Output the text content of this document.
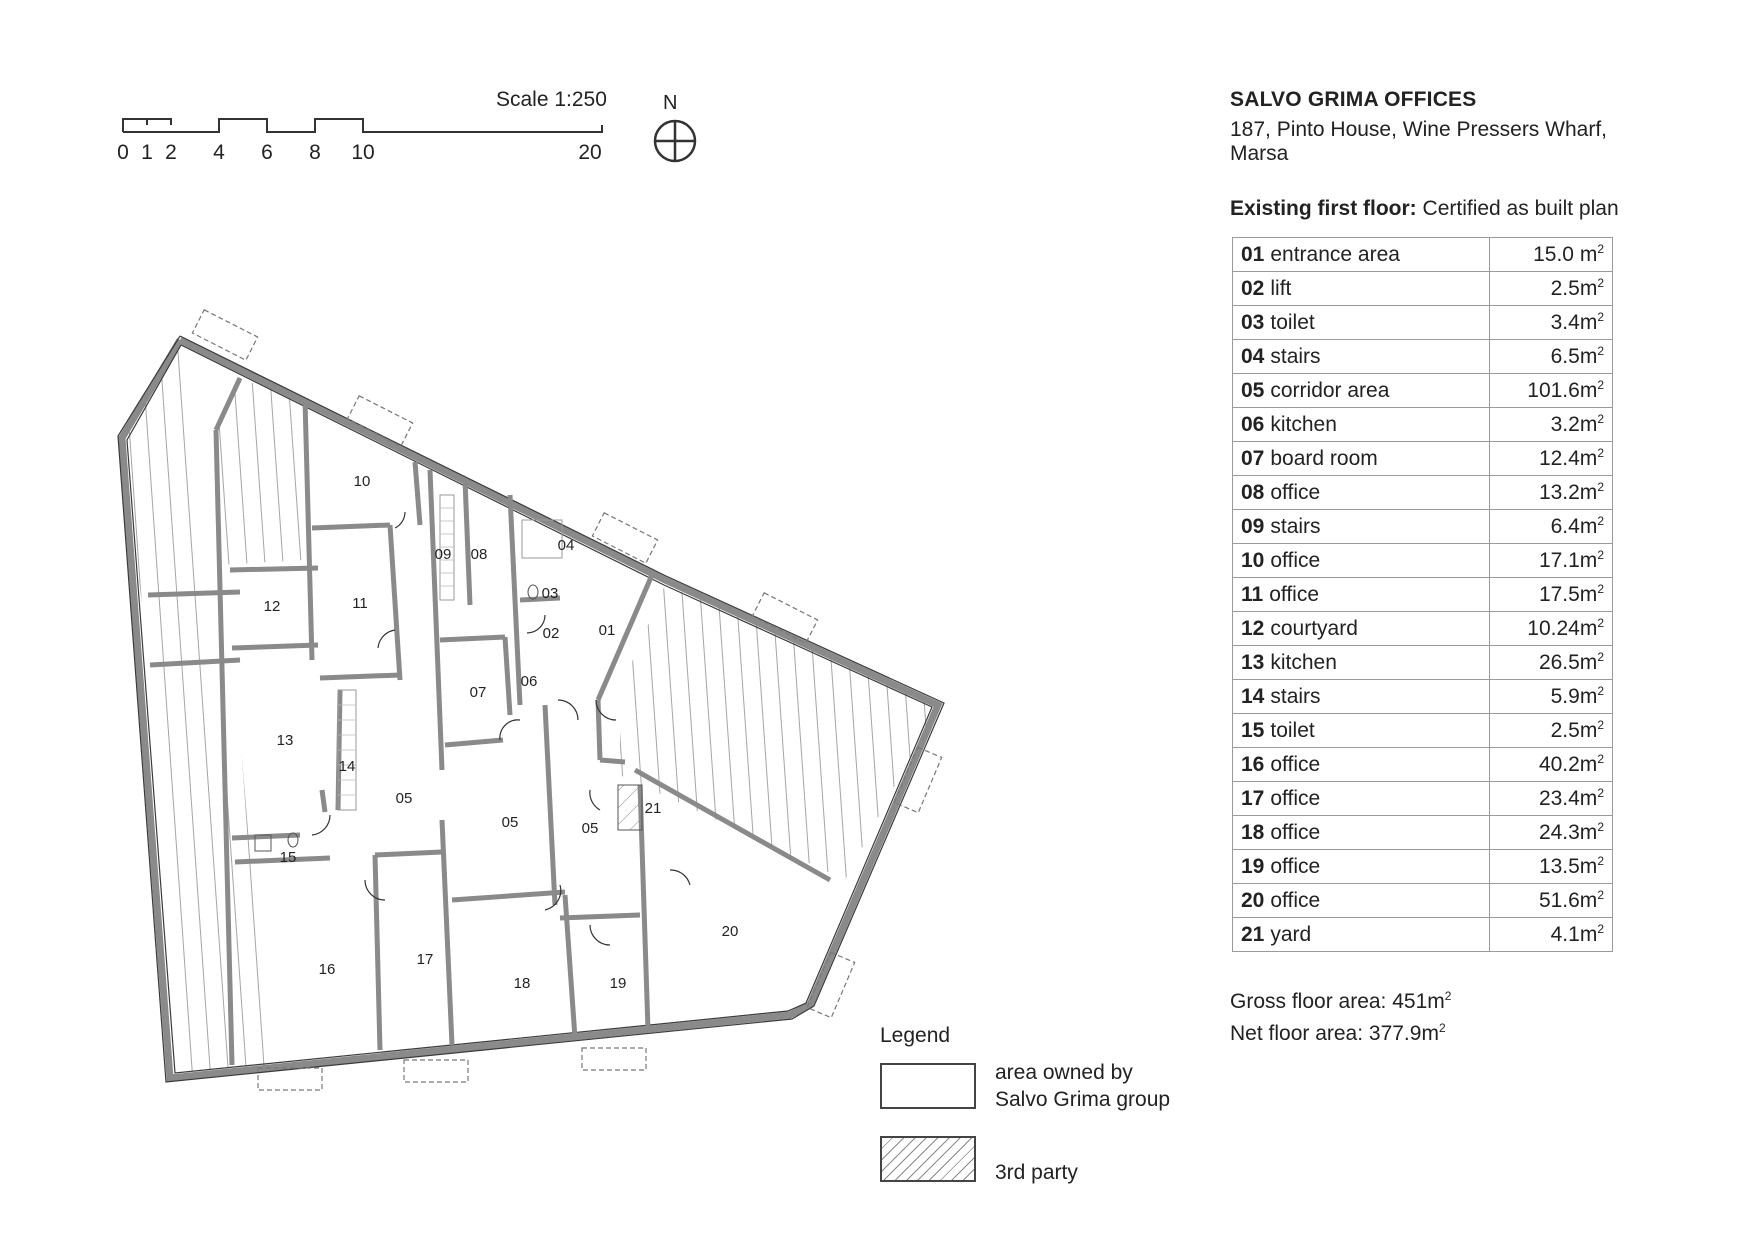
Scale 1:250
0 1 2 4 6 8 10	20
N
10
12	11
09 08
04
03
02	01
06
07
13
14
05
05	05
21
15
16
17
18	19
20
SALVO GRIMA OFFICES
187, Pinto House, Wine Pressers Wharf, Marsa
Existing first floor: Certified as built plan
01 entrance area	15.0 $m^2$
02 lift	$2.5m^2$
03 toilet	$3.4m^2$
04 stairs	$6.5m^2$
05 corridor area	$101.6m^2$
06 kitchen	$3.2m^2$
07 board room	$12.4m^2$
08 office	$13.2m^2$
09 stairs	$6.4m^2$
10 office	$17.1m^2$
11 office	$17.5m^2$
12 courtyard	$10.24m^2$
13 kitchen	$26.5m^2$
14 stairs	$5.9m^2$
15 toilet	$2.5m^2$
16 office	$40.2m^2$
17 office	$23.4m^2$
18 office	$24.3m^2$
19 office	$13.5m^2$
20 office	$51.6m^2$
21 yard	$4.1m^2$
Gross floor area: $451m^2$
Net floor area: $377.9m^2$
Legend
area owned by
Salvo Grima group
3rd party
